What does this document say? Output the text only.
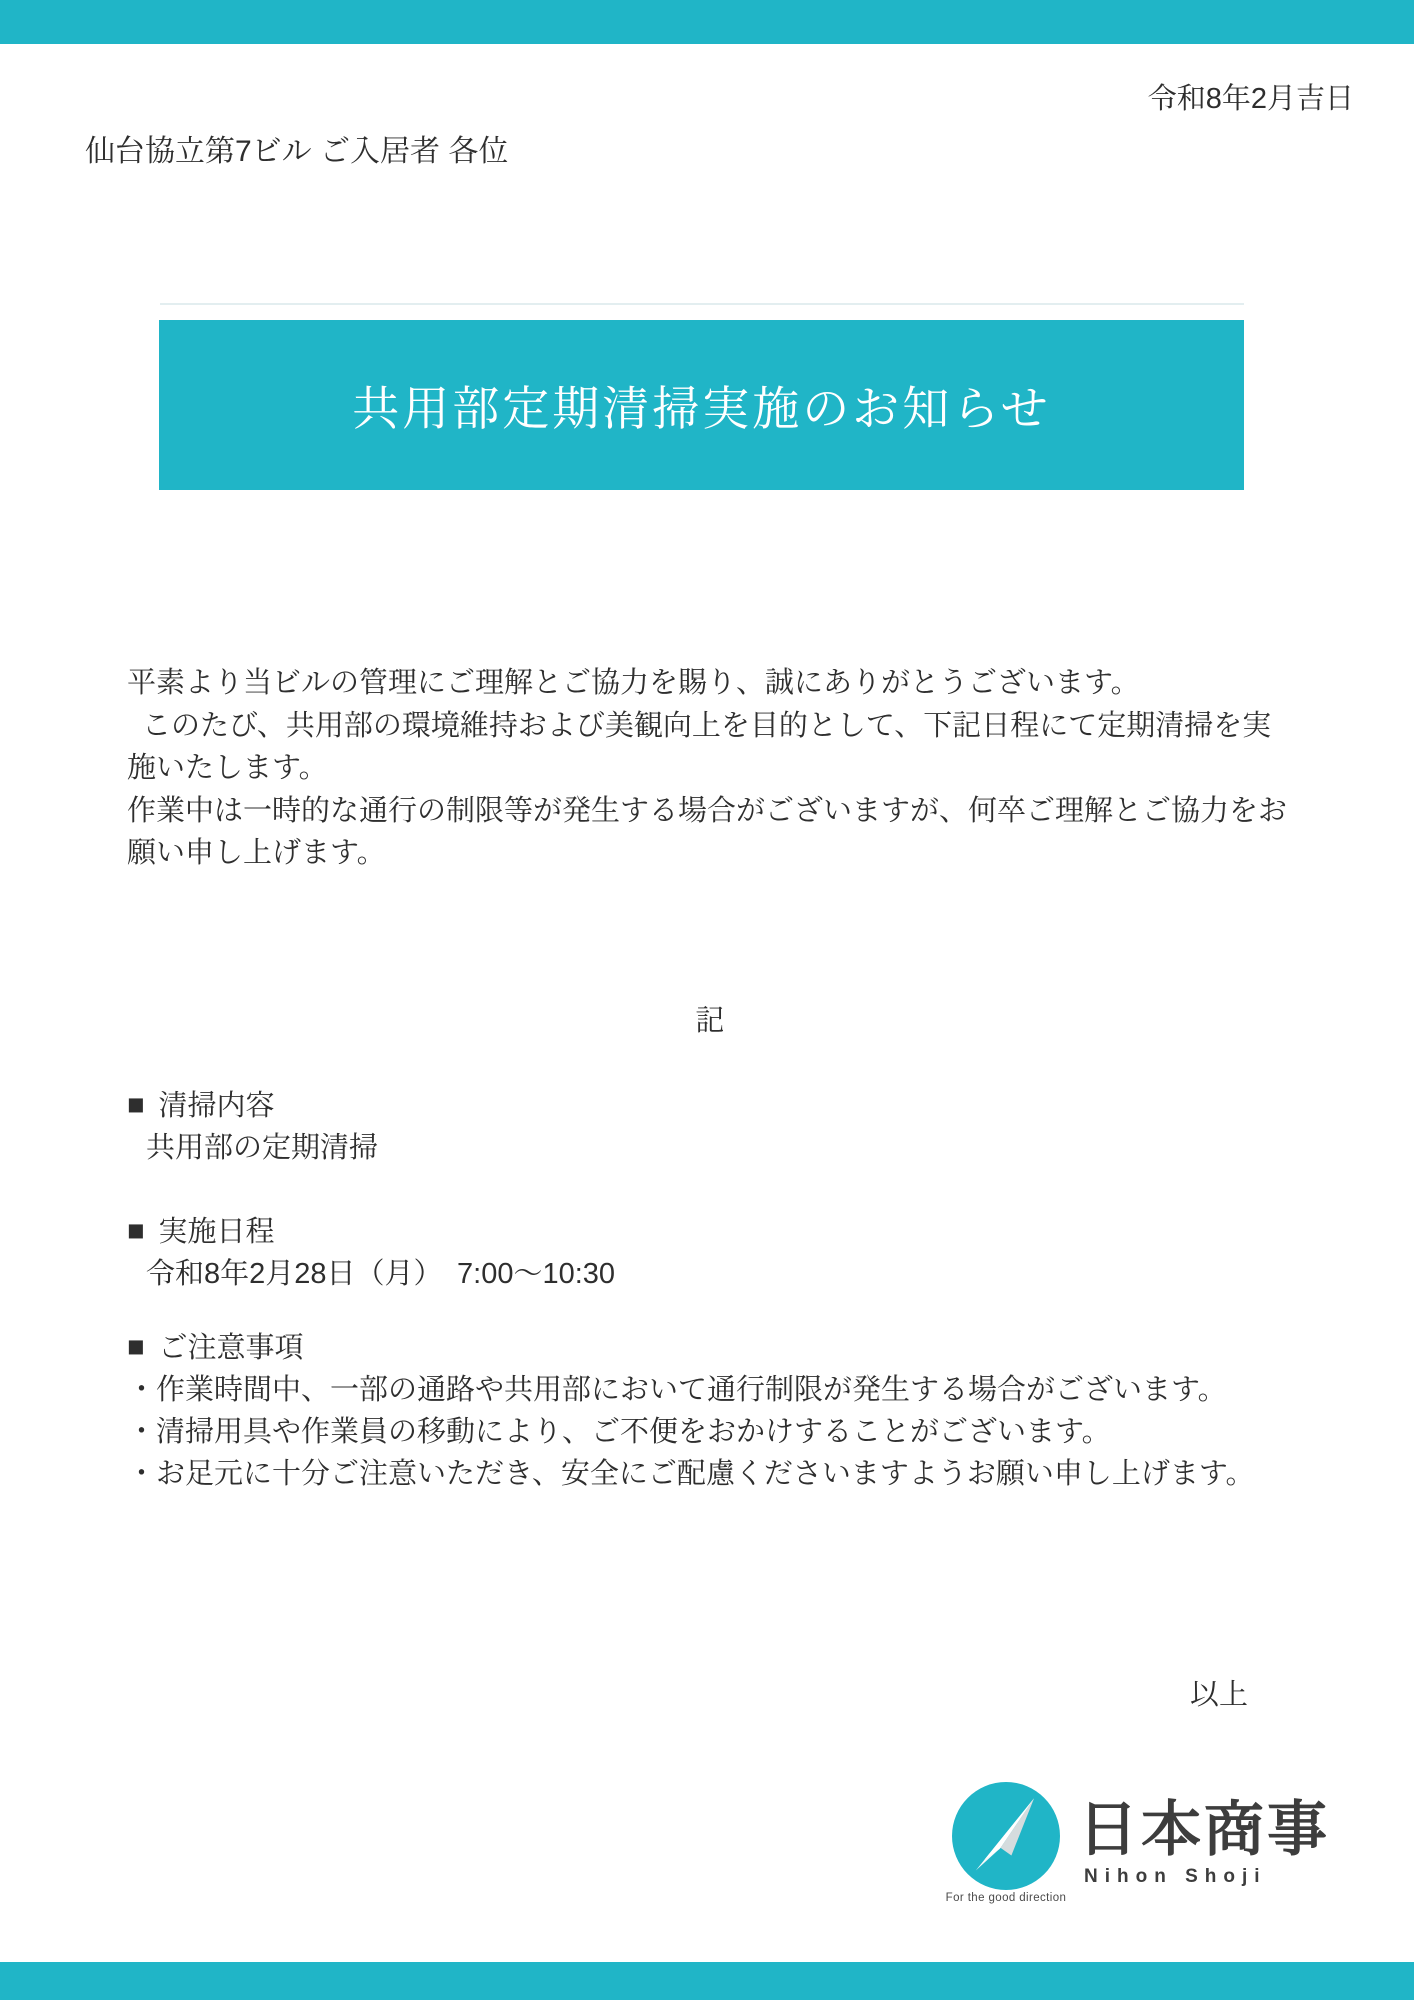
令和8年2月吉日
仙台協立第7ビル ご入居者 各位
共用部定期清掃実施のお知らせ

平素より当ビルの管理にご理解とご協力を賜り、誠にありがとうございます。

このたび、共用部の環境維持および美観向上を目的として、下記日程にて定期清掃を実施いたします。

作業中は一時的な通行の制限等が発生する場合がございますが、何卒ご理解とご協力をお願い申し上げます。

記

■ 清掃内容

共用部の定期清掃

■ 実施日程

令和8年2月28日（月）　7:00〜10:30

■ ご注意事項

・作業時間中、一部の通路や共用部において通行制限が発生する場合がございます。

・清掃用具や作業員の移動により、ご不便をおかけすることがございます。

・お足元に十分ご注意いただき、安全にご配慮くださいますようお願い申し上げます。

以上
For the good direction
日本商事
Nihon Shoji
